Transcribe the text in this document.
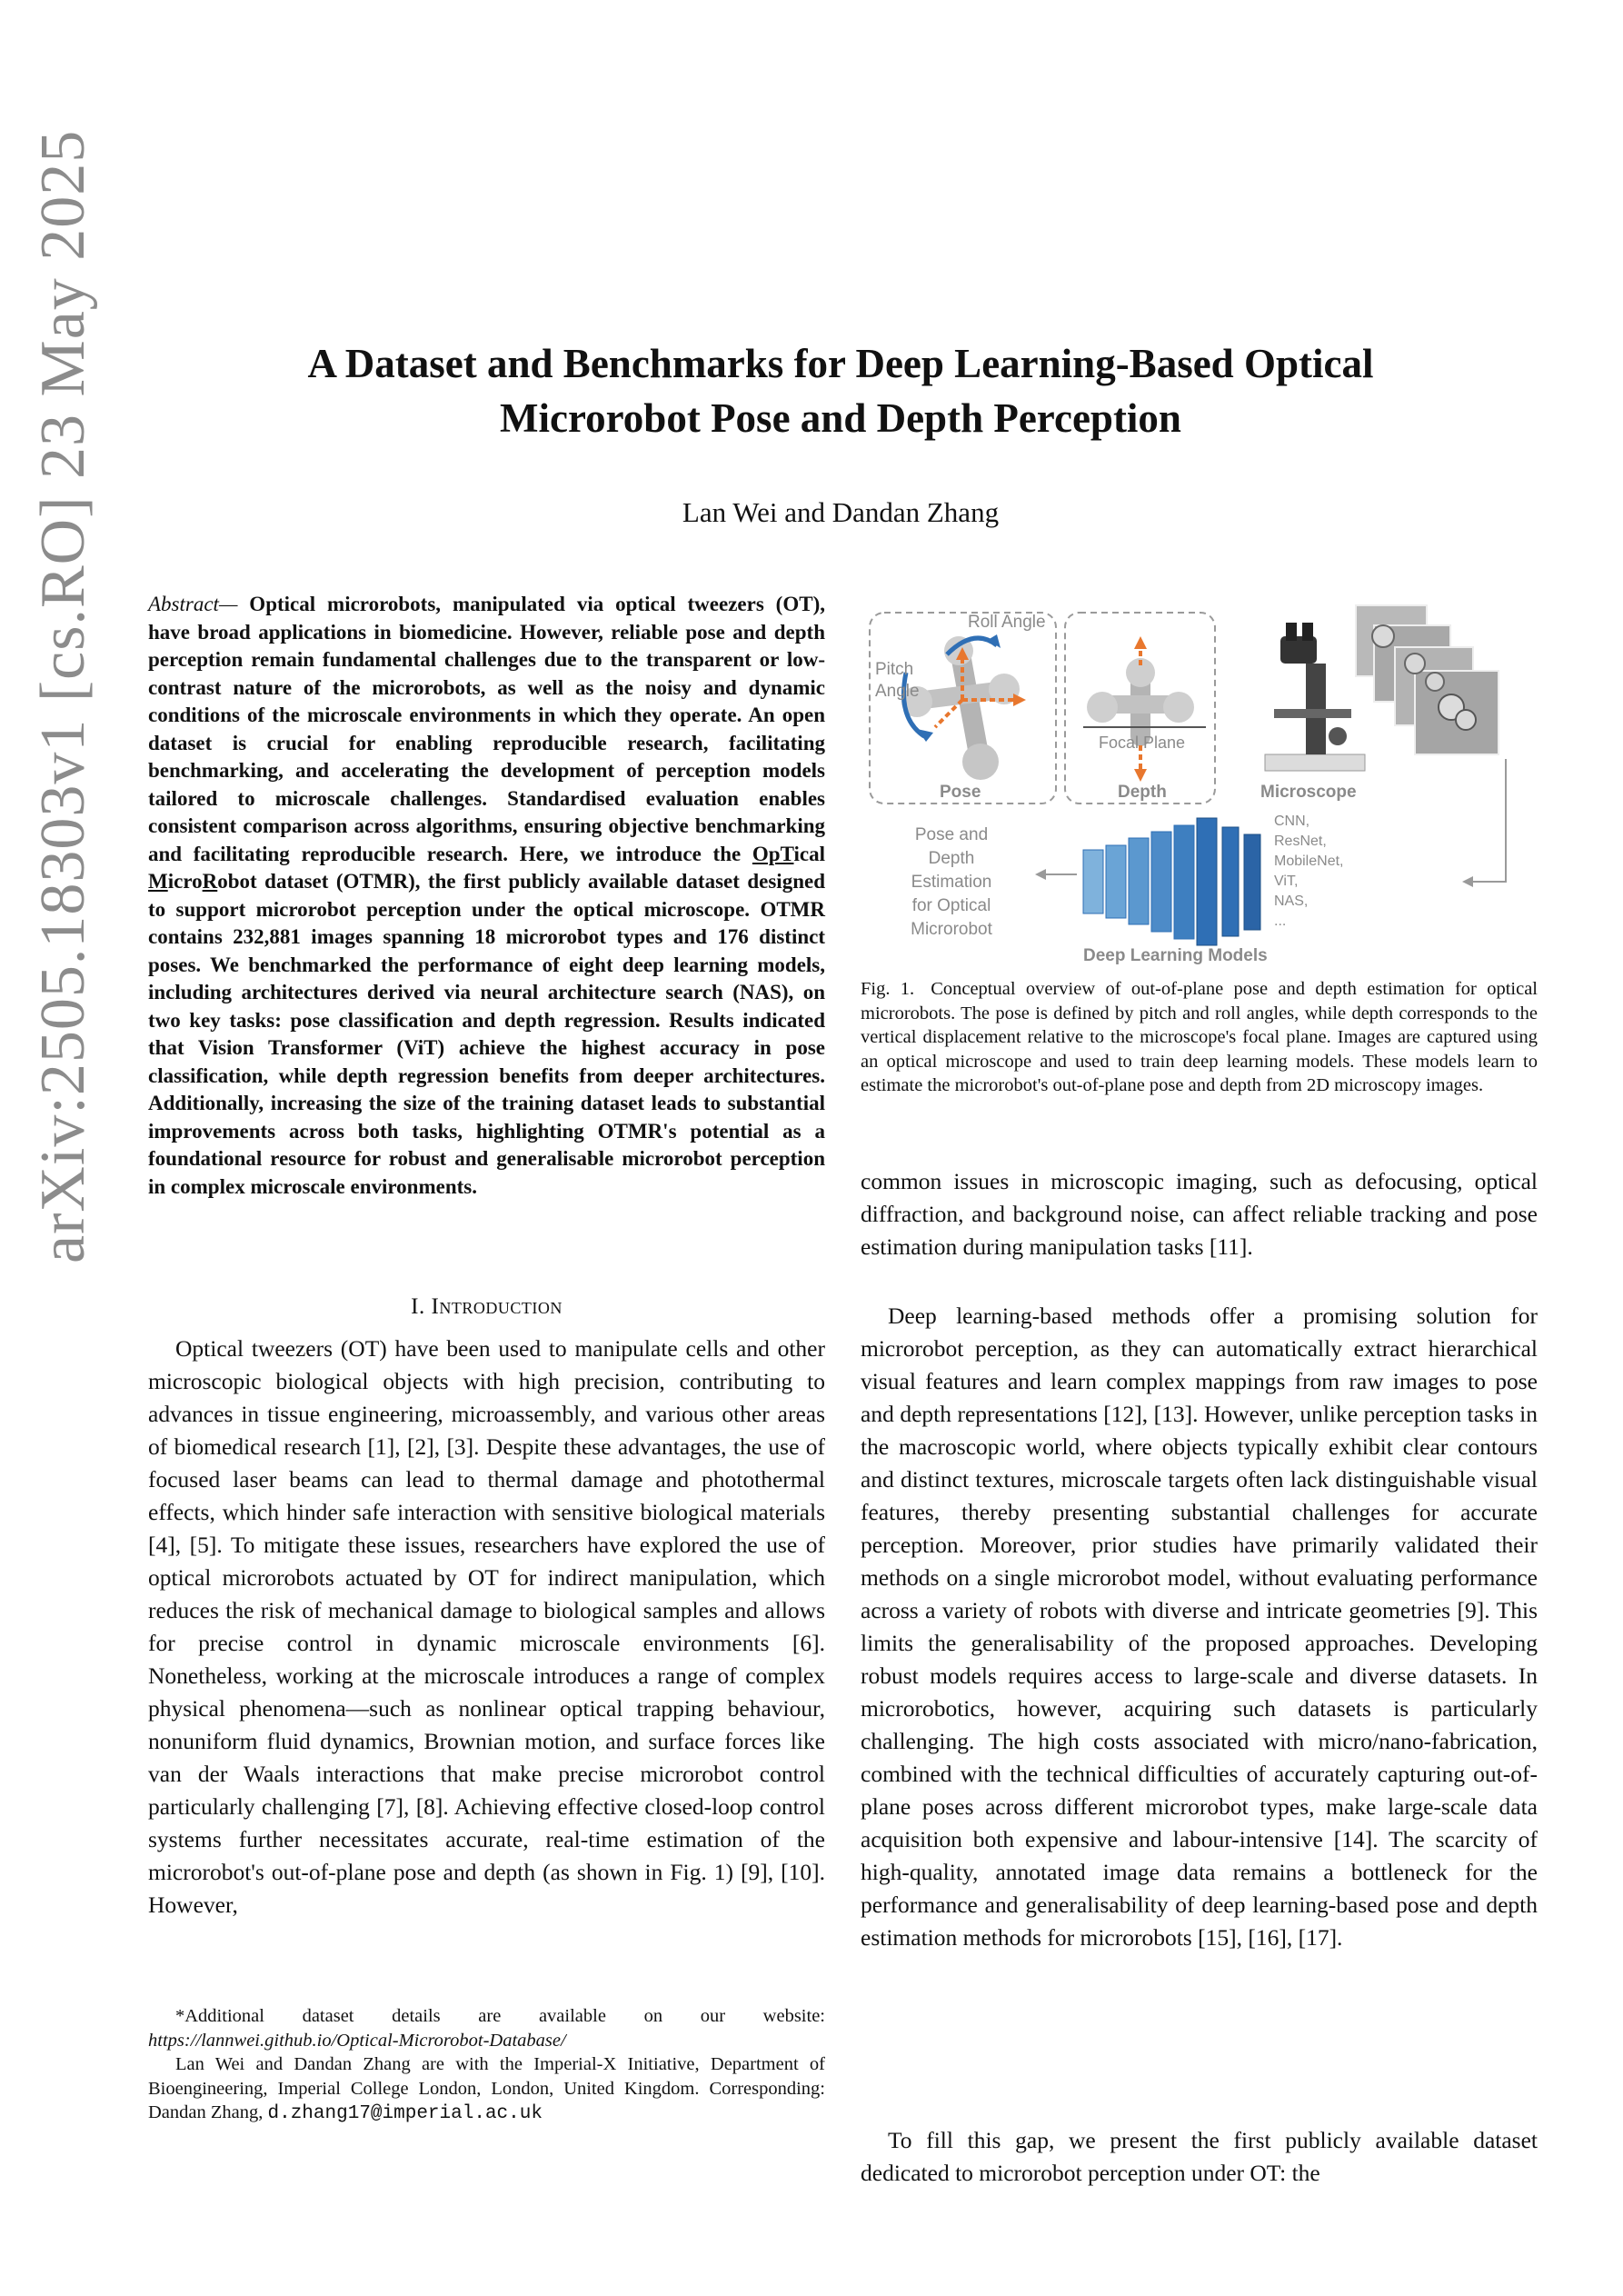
arXiv:2505.18303v1 [cs.RO] 23 May 2025	A Dataset and Benchmarks for Deep Learning-Based Optical
Microrobot Pose and Depth Perception
Lan Wei and Dandan Zhang
Abstract— Optical microrobots, manipulated via optical tweezers (OT), have broad applications in biomedicine. However, reliable pose and depth perception remain fundamental challenges due to the transparent or low-contrast nature of the microrobots, as well as the noisy and dynamic conditions of the microscale environments in which they operate. An open dataset is crucial for enabling reproducible research, facilitating benchmarking, and accelerating the development of perception models tailored to microscale challenges. Standardised evaluation enables consistent comparison across algorithms, ensuring objective benchmarking and facilitating reproducible research. Here, we introduce the OpTical MicroRobot dataset (OTMR), the first publicly available dataset designed to support microrobot perception under the optical microscope. OTMR contains 232,881 images spanning 18 microrobot types and 176 distinct poses. We benchmarked the performance of eight deep learning models, including architectures derived via neural architecture search (NAS), on two key tasks: pose classification and depth regression. Results indicated that Vision Transformer (ViT) achieve the highest accuracy in pose classification, while depth regression benefits from deeper architectures. Additionally, increasing the size of the training dataset leads to substantial improvements across both tasks, highlighting OTMR's potential as a foundational resource for robust and generalisable microrobot perception in complex microscale environments.
I. Introduction
Optical tweezers (OT) have been used to manipulate cells and other microscopic biological objects with high precision, contributing to advances in tissue engineering, microassembly, and various other areas of biomedical research [1], [2], [3]. Despite these advantages, the use of focused laser beams can lead to thermal damage and photothermal effects, which hinder safe interaction with sensitive biological materials [4], [5]. To mitigate these issues, researchers have explored the use of optical microrobots actuated by OT for indirect manipulation, which reduces the risk of mechanical damage to biological samples and allows for precise control in dynamic microscale environments [6]. Nonetheless, working at the microscale introduces a range of complex physical phenomena—such as nonlinear optical trapping behaviour, nonuniform fluid dynamics, Brownian motion, and surface forces like van der Waals interactions that make precise microrobot control particularly challenging [7], [8]. Achieving effective closed-loop control systems further necessitates accurate, real-time estimation of the microrobot's out-of-plane pose and depth (as shown in Fig. 1) [9], [10]. However,

*Additional dataset details are available on our website: https://lannwei.github.io/Optical-Microrobot-Database/

Lan Wei and Dandan Zhang are with the Imperial-X Initiative, Department of Bioengineering, Imperial College London, London, United Kingdom. Corresponding: Dandan Zhang, d.zhang17@imperial.ac.uk

Roll Angle
Pitch
Angle
Pose
Focal Plane
Depth	Microscope
CNN,
ResNet,
MobileNet,
ViT,
NAS,
...
Deep Learning Models
Pose and
Depth
Estimation
for Optical
Microrobot
Fig. 1. Conceptual overview of out-of-plane pose and depth estimation for optical microrobots. The pose is defined by pitch and roll angles, while depth corresponds to the vertical displacement relative to the microscope's focal plane. Images are captured using an optical microscope and used to train deep learning models. These models learn to estimate the microrobot's out-of-plane pose and depth from 2D microscopy images.
common issues in microscopic imaging, such as defocusing, optical diffraction, and background noise, can affect reliable tracking and pose estimation during manipulation tasks [11].
Deep learning-based methods offer a promising solution for microrobot perception, as they can automatically extract hierarchical visual features and learn complex mappings from raw images to pose and depth representations [12], [13]. However, unlike perception tasks in the macroscopic world, where objects typically exhibit clear contours and distinct textures, microscale targets often lack distinguishable visual features, thereby presenting substantial challenges for accurate perception. Moreover, prior studies have primarily validated their methods on a single microrobot model, without evaluating performance across a variety of robots with diverse and intricate geometries [9]. This limits the generalisability of the proposed approaches. Developing robust models requires access to large-scale and diverse datasets. In microrobotics, however, acquiring such datasets is particularly challenging. The high costs associated with micro/nano-fabrication, combined with the technical difficulties of accurately capturing out-of-plane poses across different microrobot types, make large-scale data acquisition both expensive and labour-intensive [14]. The scarcity of high-quality, annotated image data remains a bottleneck for the performance and generalisability of deep learning-based pose and depth estimation methods for microrobots [15], [16], [17].
To fill this gap, we present the first publicly available dataset dedicated to microrobot perception under OT: the
